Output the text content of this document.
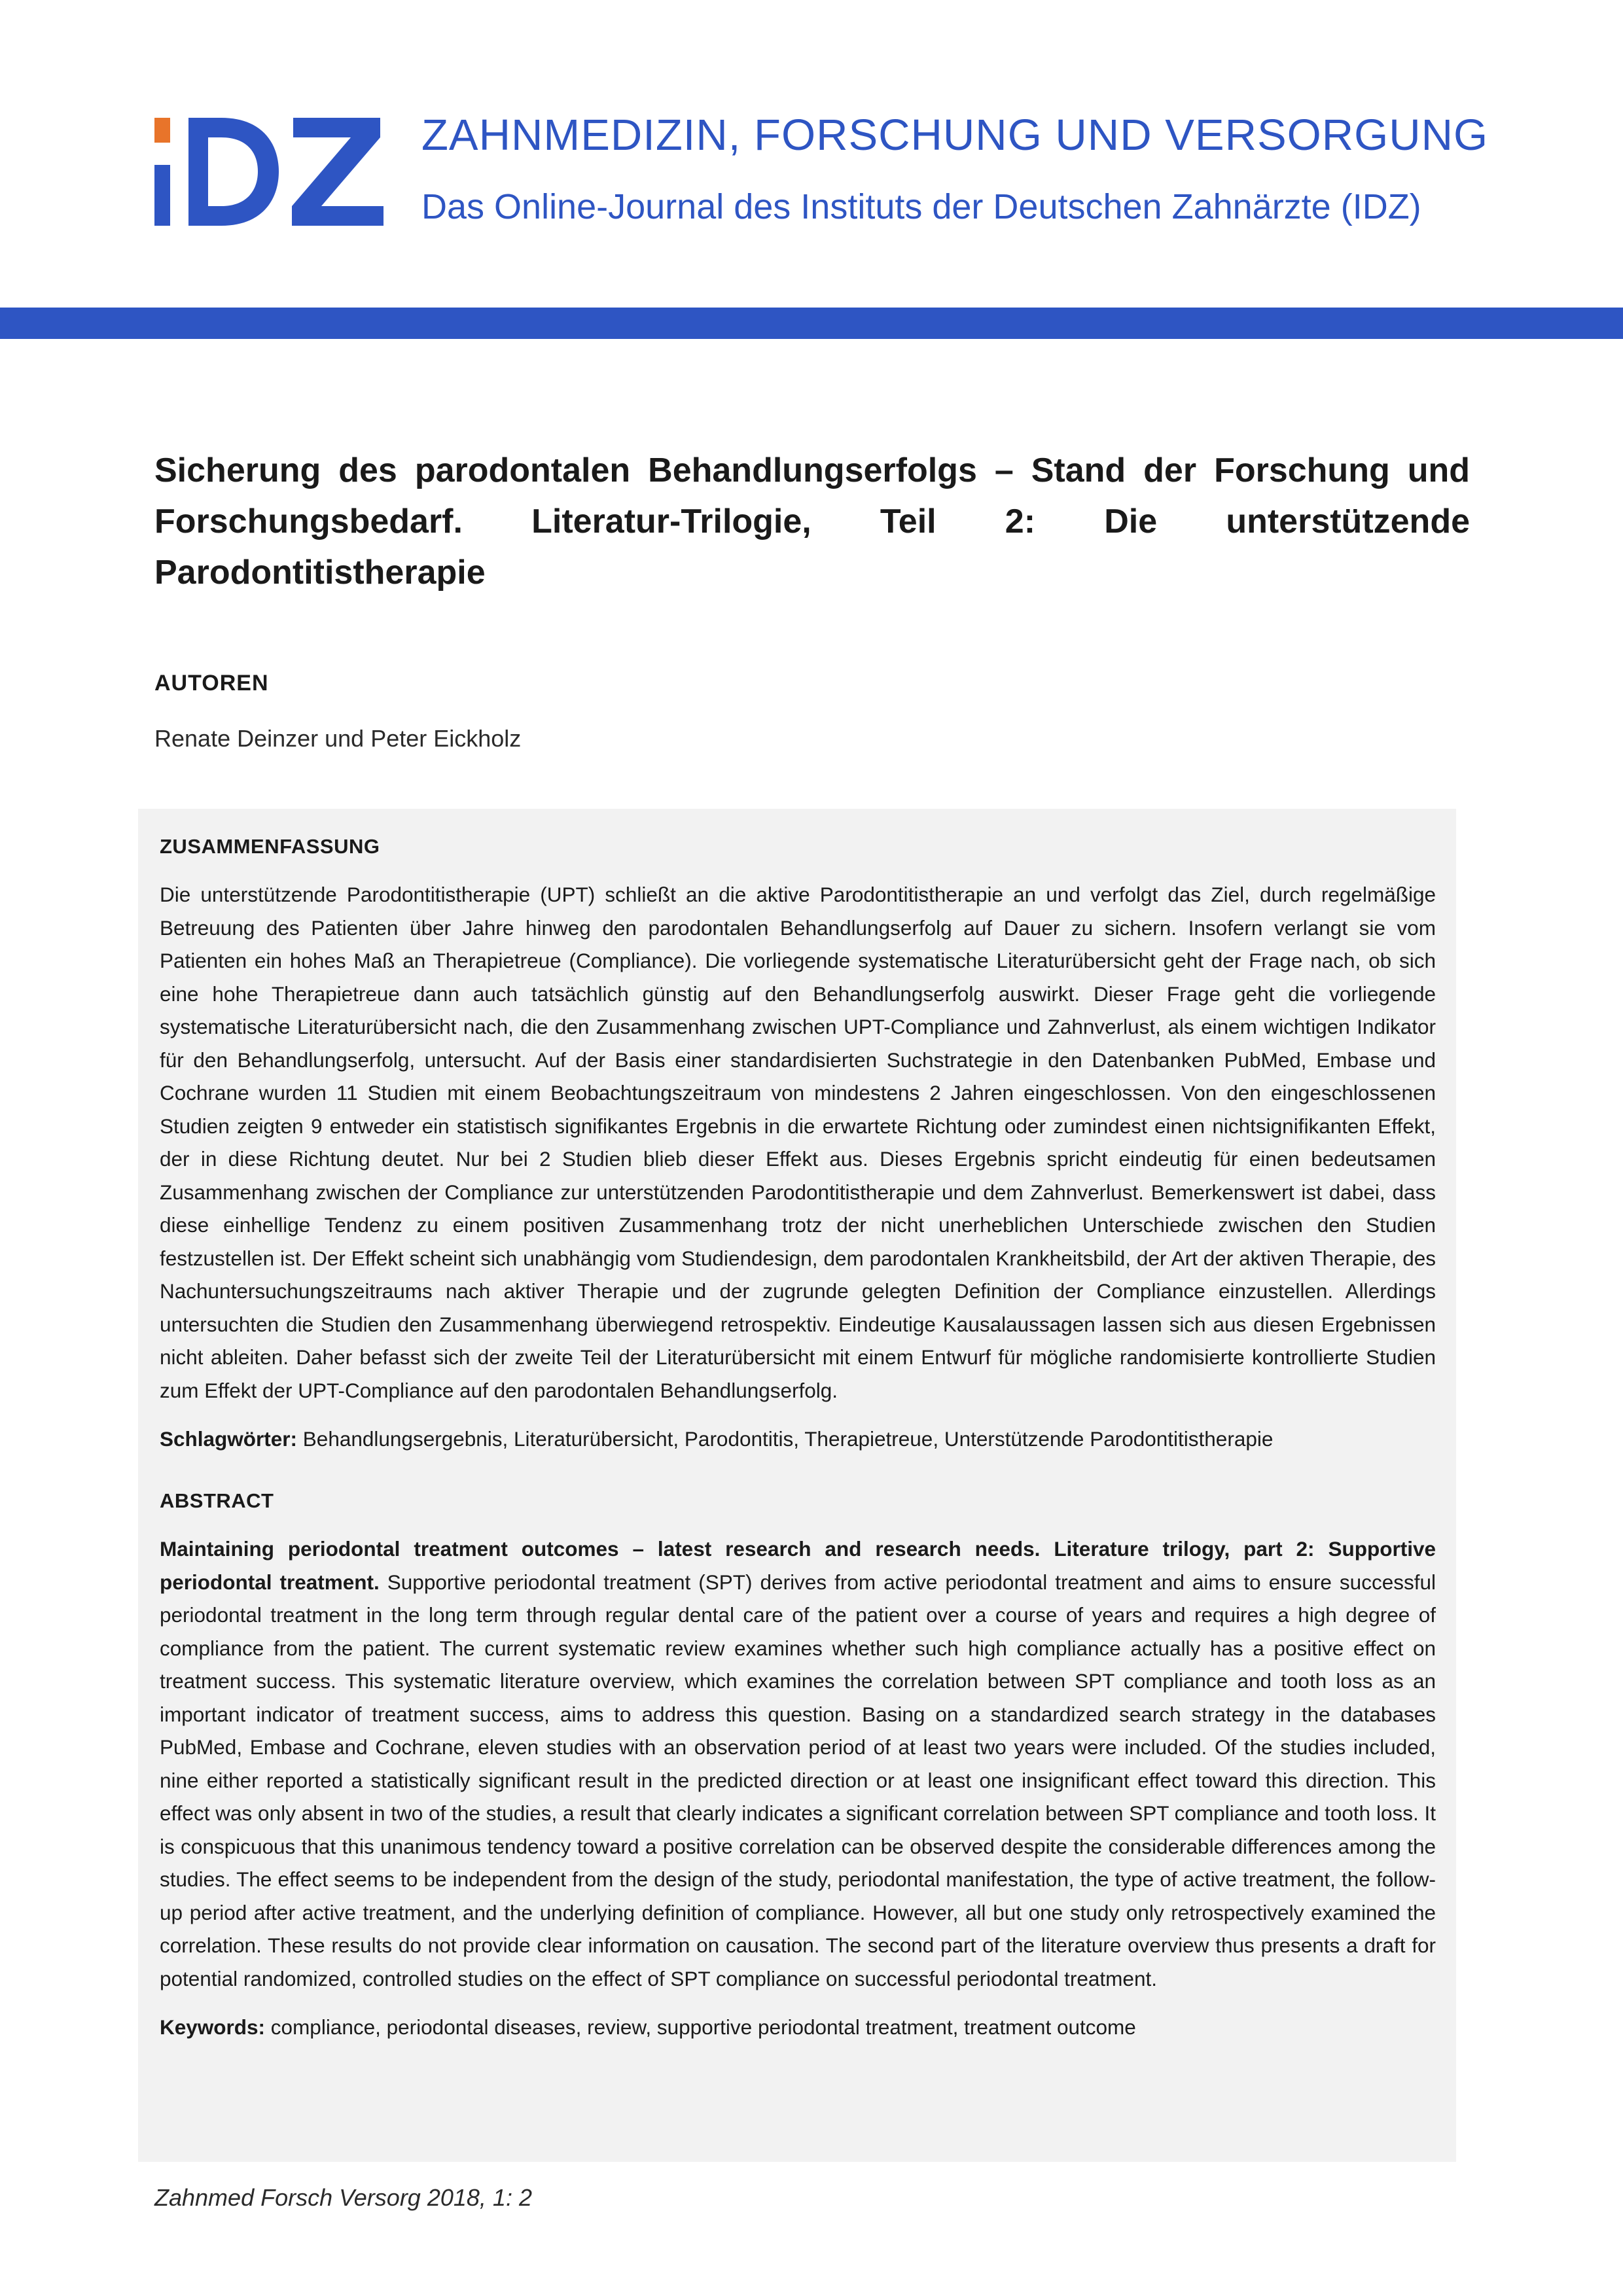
ZAHNMEDIZIN, FORSCHUNG UND VERSORGUNG
Das Online-Journal des Instituts der Deutschen Zahnärzte (IDZ)
Sicherung des parodontalen Behandlungserfolgs – Stand der Forschung und Forschungsbedarf. Literatur-Trilogie, Teil 2: Die unterstützende Parodontitistherapie
AUTOREN
Renate Deinzer und Peter Eickholz
ZUSAMMENFASSUNG

Die unterstützende Parodontitistherapie (UPT) schließt an die aktive Parodontitistherapie an und verfolgt das Ziel, durch regelmäßige Betreuung des Patienten über Jahre hinweg den parodontalen Behandlungserfolg auf Dauer zu sichern. Insofern verlangt sie vom Patienten ein hohes Maß an Therapietreue (Compliance). Die vorliegende systematische Literaturübersicht geht der Frage nach, ob sich eine hohe Therapietreue dann auch tatsächlich günstig auf den Behandlungserfolg auswirkt. Dieser Frage geht die vorliegende systematische Literaturübersicht nach, die den Zusammenhang zwischen UPT-Compliance und Zahnverlust, als einem wichtigen Indikator für den Behandlungserfolg, untersucht. Auf der Basis einer standardisierten Suchstrategie in den Datenbanken PubMed, Embase und Cochrane wurden 11 Studien mit einem Beobachtungszeitraum von mindestens 2 Jahren eingeschlossen. Von den eingeschlossenen Studien zeigten 9 entweder ein statistisch signifikantes Ergebnis in die erwartete Richtung oder zumindest einen nichtsignifikanten Effekt, der in diese Richtung deutet. Nur bei 2 Studien blieb dieser Effekt aus. Dieses Ergebnis spricht eindeutig für einen bedeutsamen Zusammenhang zwischen der Compliance zur unterstützenden Parodontitistherapie und dem Zahnverlust. Bemerkenswert ist dabei, dass diese einhellige Tendenz zu einem positiven Zusammenhang trotz der nicht unerheblichen Unterschiede zwischen den Studien festzustellen ist. Der Effekt scheint sich unabhängig vom Studiendesign, dem parodontalen Krankheitsbild, der Art der aktiven Therapie, des Nachuntersuchungszeitraums nach aktiver Therapie und der zugrunde gelegten Definition der Compliance einzustellen. Allerdings untersuchten die Studien den Zusammenhang überwiegend retrospektiv. Eindeutige Kausalaussagen lassen sich aus diesen Ergebnissen nicht ableiten. Daher befasst sich der zweite Teil der Literaturübersicht mit einem Entwurf für mögliche randomisierte kontrollierte Studien zum Effekt der UPT-Compliance auf den parodontalen Behandlungserfolg.

Schlagwörter: Behandlungsergebnis, Literaturübersicht, Parodontitis, Therapietreue, Unterstützende Parodontitistherapie

ABSTRACT

Maintaining periodontal treatment outcomes – latest research and research needs. Literature trilogy, part 2: Supportive periodontal treatment. Supportive periodontal treatment (SPT) derives from active periodontal treatment and aims to ensure successful periodontal treatment in the long term through regular dental care of the patient over a course of years and requires a high degree of compliance from the patient. The current systematic review examines whether such high compliance actually has a positive effect on treatment success. This systematic literature overview, which examines the correlation between SPT compliance and tooth loss as an important indicator of treatment success, aims to address this question. Basing on a standardized search strategy in the databases PubMed, Embase and Cochrane, eleven studies with an observation period of at least two years were included. Of the studies included, nine either reported a statistically significant result in the predicted direction or at least one insignificant effect toward this direction. This effect was only absent in two of the studies, a result that clearly indicates a significant correlation between SPT compliance and tooth loss. It is conspicuous that this unanimous tendency toward a positive correlation can be observed despite the considerable differences among the studies. The effect seems to be independent from the design of the study, periodontal manifestation, the type of active treatment, the follow-up period after active treatment, and the underlying definition of compliance. However, all but one study only retrospectively examined the correlation. These results do not provide clear information on causation. The second part of the literature overview thus presents a draft for potential randomized, controlled studies on the effect of SPT compliance on successful periodontal treatment.

Keywords: compliance, periodontal diseases, review, supportive periodontal treatment, treatment outcome

Zahnmed Forsch Versorg 2018, 1: 2
